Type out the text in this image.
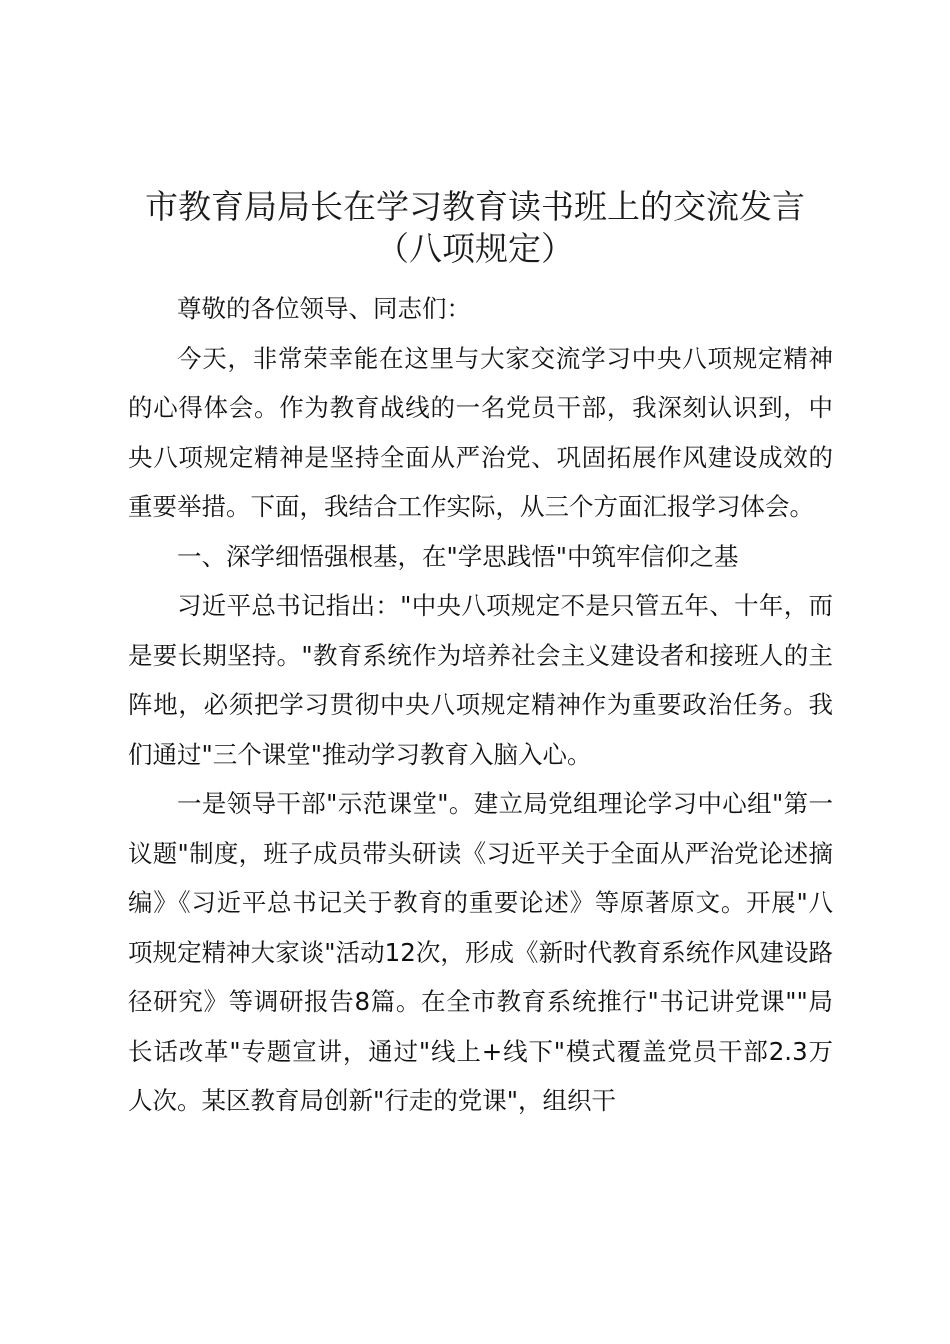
市教育局局长在学习教育读书班上的交流发言
（八项规定）

尊敬的各位领导、同志们：

今天，非常荣幸能在这里与大家交流学习中央八项规定精神的心得体会。作为教育战线的一名党员干部，我深刻认识到，中央八项规定精神是坚持全面从严治党、巩固拓展作风建设成效的重要举措。下面，我结合工作实际，从三个方面汇报学习体会。

一、深学细悟强根基，在"学思践悟"中筑牢信仰之基

习近平总书记指出："中央八项规定不是只管五年、十年，而是要长期坚持。"教育系统作为培养社会主义建设者和接班人的主阵地，必须把学习贯彻中央八项规定精神作为重要政治任务。我们通过"三个课堂"推动学习教育入脑入心。

一是领导干部"示范课堂"。建立局党组理论学习中心组"第一议题"制度，班子成员带头研读《习近平关于全面从严治党论述摘编》《习近平总书记关于教育的重要论述》等原著原文。开展"八项规定精神大家谈"活动12次，形成《新时代教育系统作风建设路径研究》等调研报告8篇。在全市教育系统推行"书记讲党课""局长话改革"专题宣讲，通过"线上+线下"模式覆盖党员干部2.3万人次。某区教育局创新"行走的党课"，组织干
